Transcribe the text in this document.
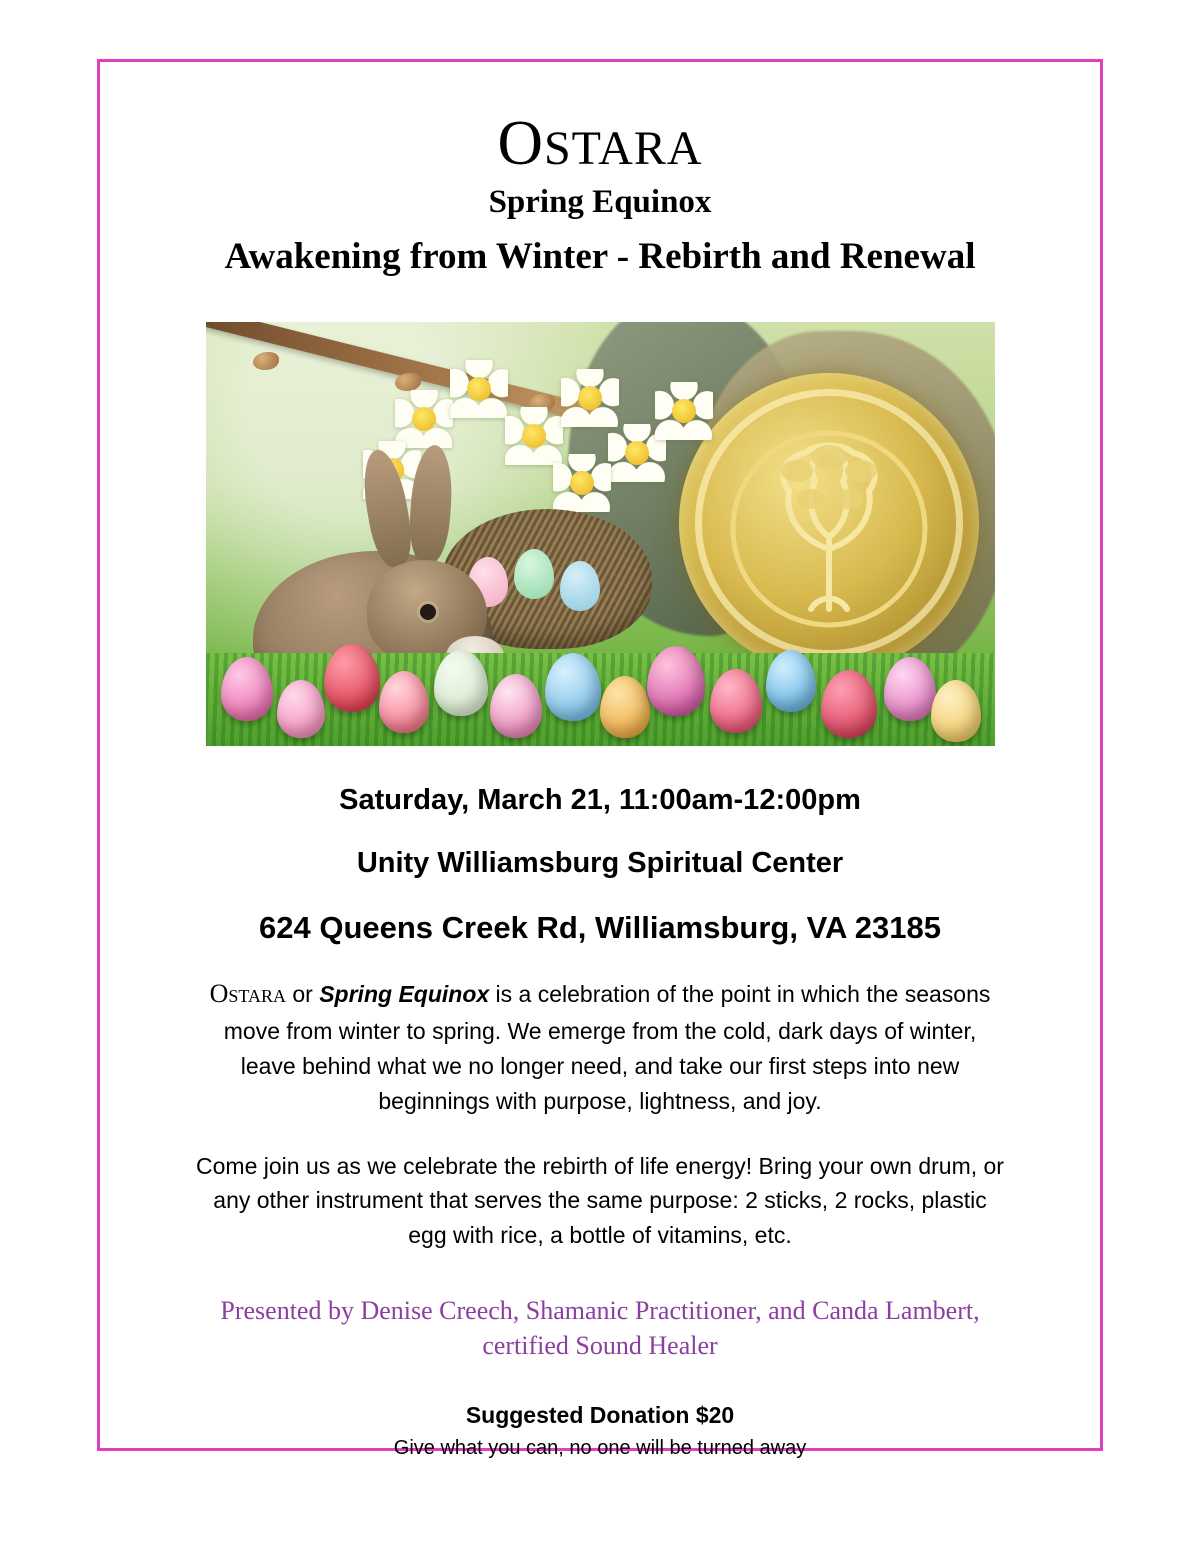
OSTARA
Spring Equinox
Awakening from Winter - Rebirth and Renewal

Saturday, March 21, 11:00am-12:00pm

Unity Williamsburg Spiritual Center

624 Queens Creek Rd, Williamsburg, VA 23185

Ostara or Spring Equinox is a celebration of the point in which the seasons move from winter to spring. We emerge from the cold, dark days of winter, leave behind what we no longer need, and take our first steps into new beginnings with purpose, lightness, and joy.

Come join us as we celebrate the rebirth of life energy! Bring your own drum, or any other instrument that serves the same purpose: 2 sticks, 2 rocks, plastic egg with rice, a bottle of vitamins, etc.

Presented by Denise Creech, Shamanic Practitioner, and Canda Lambert, certified Sound Healer

Suggested Donation $20

Give what you can, no one will be turned away
